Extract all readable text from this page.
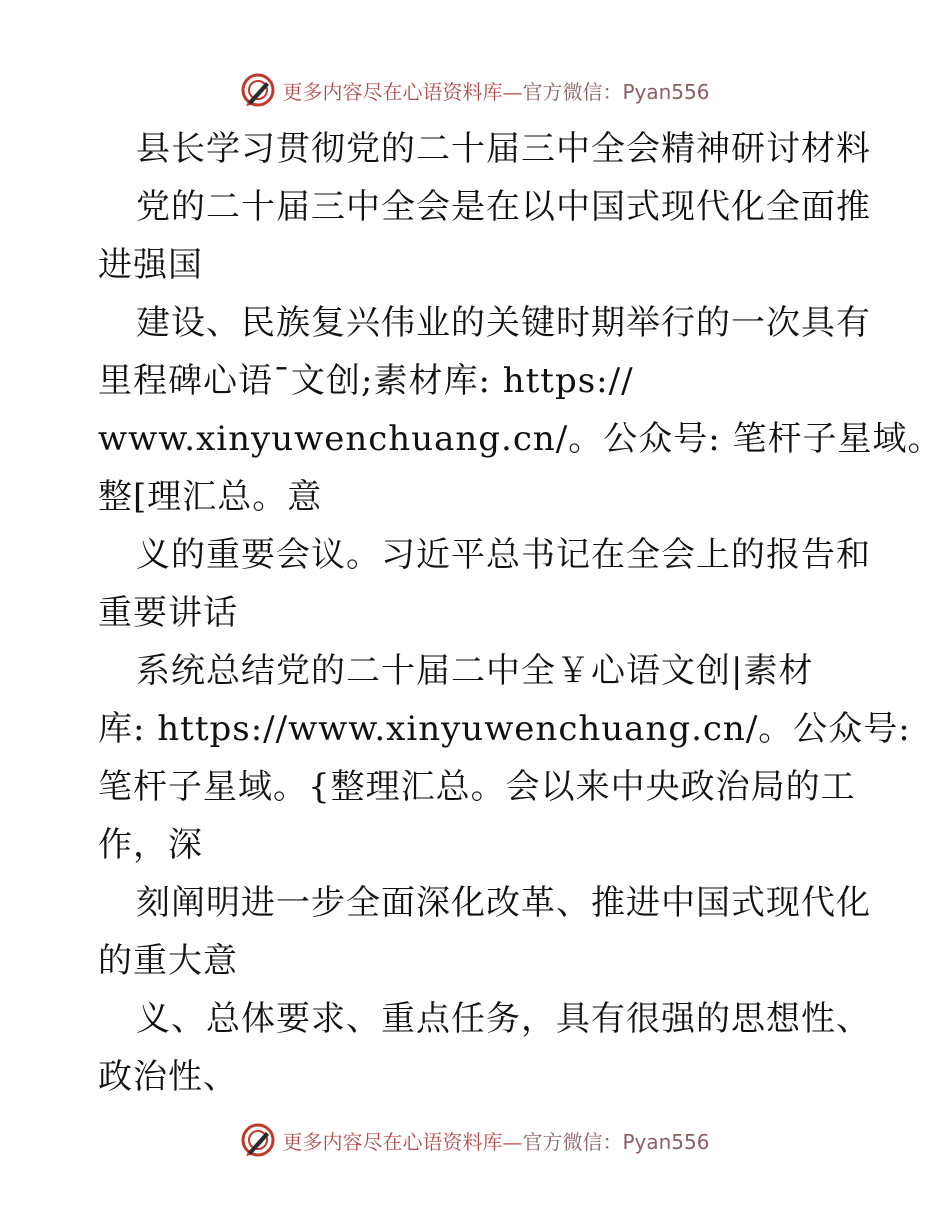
更多内容尽在心语资料库—官方微信：Pyan556
县长学习贯彻党的二十届三中全会精神研讨材料
党的二十届三中全会是在以中国式现代化全面推
进强国
建设、民族复兴伟业的关键时期举行的一次具有
里程碑心语¯文创;素材库: https://
www.xinyuwenchuang.cn/。公众号: 笔杆子星域。
整[理汇总。意
义的重要会议。习近平总书记在全会上的报告和
重要讲话
系统总结党的二十届二中全￥心语文创|素材
库: https://www.xinyuwenchuang.cn/。公众号:
笔杆子星域。{整理汇总。会以来中央政治局的工
作，深
刻阐明进一步全面深化改革、推进中国式现代化
的重大意
义、总体要求、重点任务，具有很强的思想性、
政治性、
更多内容尽在心语资料库—官方微信：Pyan556
